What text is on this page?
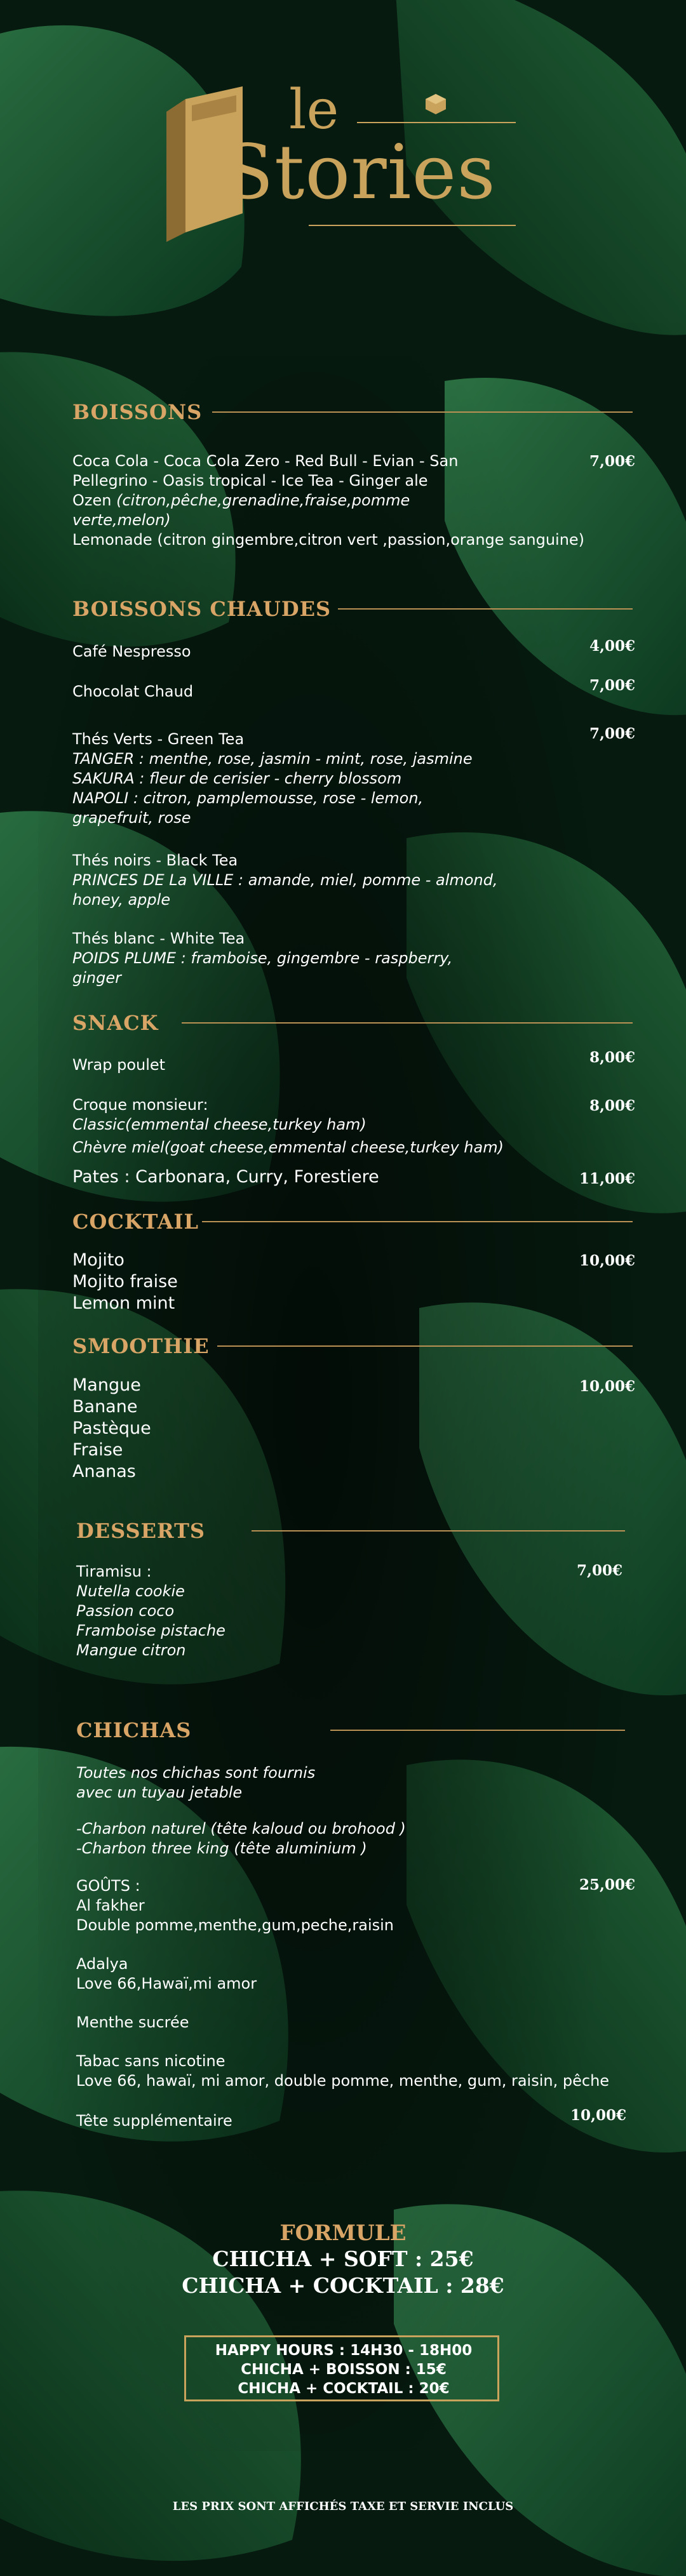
le
Stories
BOISSONS
Coca Cola - Coca Cola Zero - Red Bull - Evian - San
Pellegrino - Oasis tropical - Ice Tea - Ginger ale
Ozen (citron,pêche,grenadine,fraise,pomme
verte,melon)
Lemonade (citron gingembre,citron vert ,passion,orange sanguine)
7,00€
BOISSONS CHAUDES
Café Nespresso	4,00€
Chocolat Chaud	7,00€
Thés Verts - Green Tea	7,00€
TANGER : menthe, rose, jasmin - mint, rose, jasmine
SAKURA : fleur de cerisier - cherry blossom
NAPOLI : citron, pamplemousse, rose - lemon,
grapefruit, rose
Thés noirs - Black Tea
PRINCES DE La VILLE : amande, miel, pomme - almond,
honey, apple
Thés blanc - White Tea
POIDS PLUME : framboise, gingembre - raspberry,
ginger
SNACK
Wrap poulet	8,00€
Croque monsieur:	8,00€
Classic(emmental cheese,turkey ham)
Chèvre miel(goat cheese,emmental cheese,turkey ham)
Pates : Carbonara, Curry, Forestiere	11,00€
COCKTAIL
Mojito
Mojito fraise
Lemon mint
10,00€
SMOOTHIE
Mangue
Banane
Pastèque
Fraise
Ananas
10,00€
DESSERTS
Tiramisu :
Nutella cookie
Passion coco
Framboise pistache
Mangue citron
7,00€
CHICHAS
Toutes nos chichas sont fournis
avec un tuyau jetable
-Charbon naturel (tête kaloud ou brohood )
-Charbon three king (tête aluminium )
GOÛTS :	25,00€
Al fakher
Double pomme,menthe,gum,peche,raisin
Adalya
Love 66,Hawaï,mi amor
Menthe sucrée
Tabac sans nicotine
Love 66, hawaï, mi amor, double pomme, menthe, gum, raisin, pêche
Tête supplémentaire	10,00€
FORMULE
CHICHA + SOFT : 25€
CHICHA + COCKTAIL : 28€
HAPPY HOURS : 14H30 - 18H00
CHICHA + BOISSON : 15€
CHICHA + COCKTAIL : 20€
LES PRIX SONT AFFICHÉS TAXE ET SERVIE INCLUS
